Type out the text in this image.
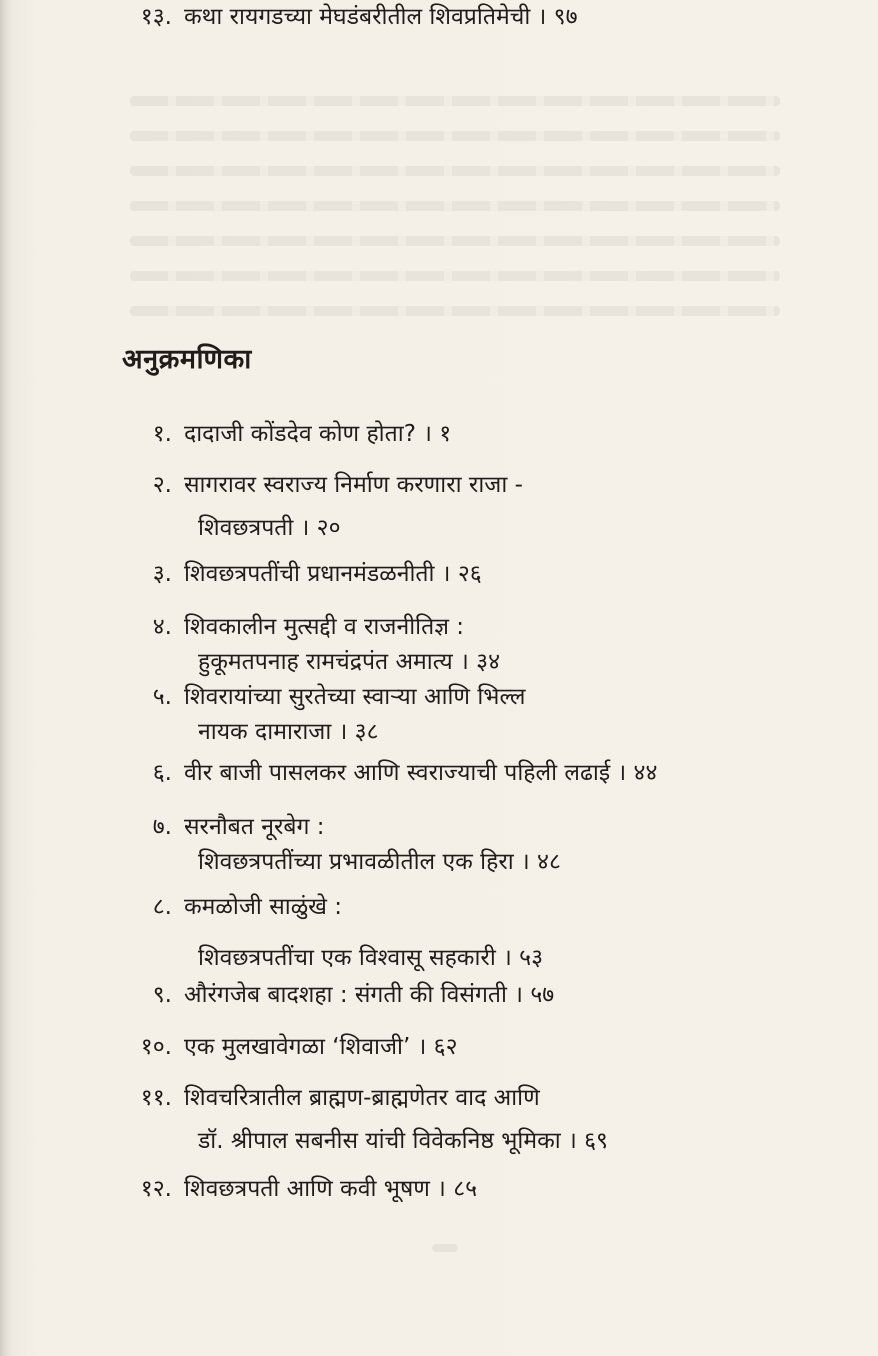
अनुक्रमणिका
१. दादाजी कोंडदेव कोण होता? । १
२. सागरावर स्वराज्य निर्माण करणारा राजा -
शिवछत्रपती । २०
३. शिवछत्रपतींची प्रधानमंडळनीती । २६
४. शिवकालीन मुत्सद्दी व राजनीतिज्ञ :
हुकूमतपनाह रामचंद्रपंत अमात्य । ३४
५. शिवरायांच्या सुरतेच्या स्वाऱ्या आणि भिल्ल
नायक दामाराजा । ३८
६. वीर बाजी पासलकर आणि स्वराज्याची पहिली लढाई । ४४
७. सरनौबत नूरबेग :
शिवछत्रपतींच्या प्रभावळीतील एक हिरा । ४८
८. कमळोजी साळुंखे :
शिवछत्रपतींचा एक विश्वासू सहकारी । ५३
९. औरंगजेब बादशहा : संगती की विसंगती । ५७
१०. एक मुलखावेगळा ‘शिवाजी’ । ६२
११. शिवचरित्रातील ब्राह्मण-ब्राह्मणेतर वाद आणि
डॉ. श्रीपाल सबनीस यांची विवेकनिष्ठ भूमिका । ६९
१२. शिवछत्रपती आणि कवी भूषण । ८५
१३. कथा रायगडच्या मेघडंबरीतील शिवप्रतिमेची । ९७
